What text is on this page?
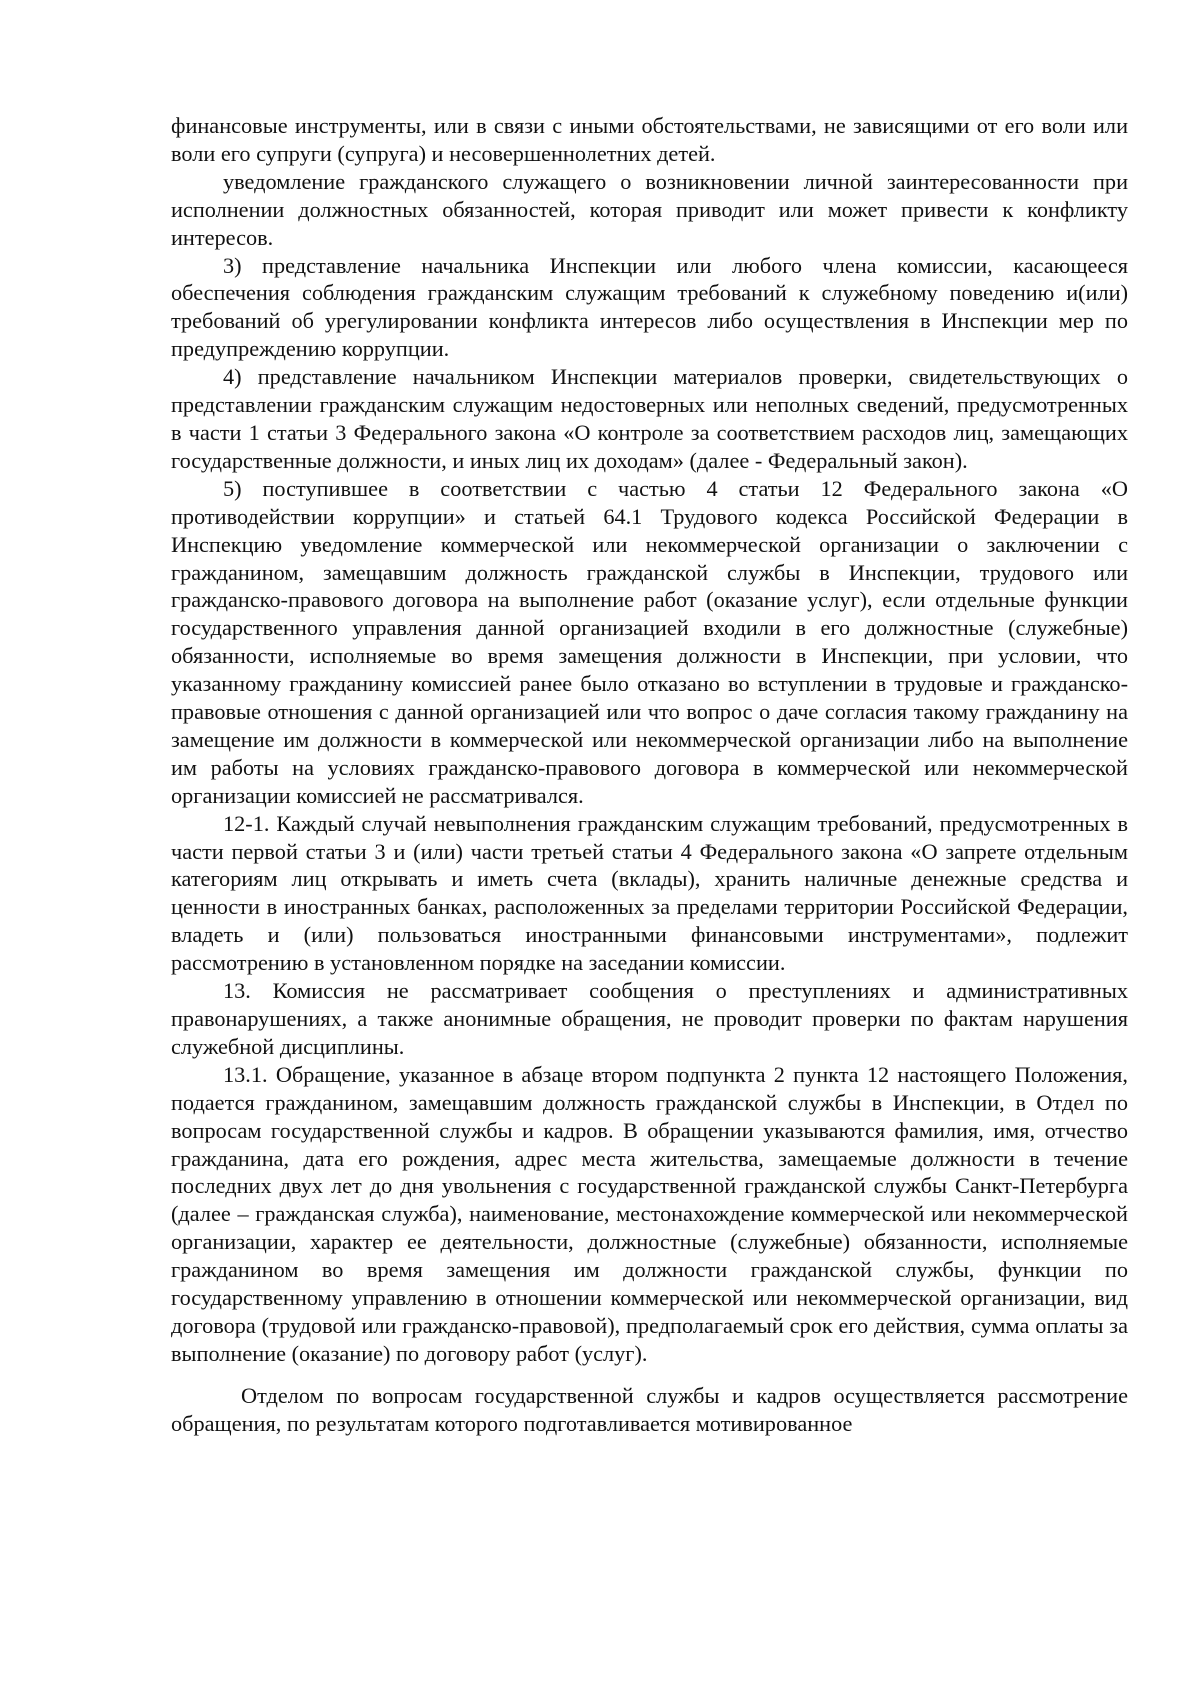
финансовые инструменты, или в связи с иными обстоятельствами, не зависящими от его воли или воли его супруги (супруга) и несовершеннолетних детей.

уведомление гражданского служащего о возникновении личной заинтересованности при исполнении должностных обязанностей, которая приводит или может привести к конфликту интересов.

3) представление начальника Инспекции или любого члена комиссии, касающееся обеспечения соблюдения гражданским служащим требований к служебному поведению и(или) требований об урегулировании конфликта интересов либо осуществления в Инспекции мер по предупреждению коррупции.

4) представление начальником Инспекции материалов проверки, свидетельствующих о представлении гражданским служащим недостоверных или неполных сведений, предусмотренных в части 1 статьи 3 Федерального закона «О контроле за соответствием расходов лиц, замещающих государственные должности, и иных лиц их доходам» (далее - Федеральный закон).

5) поступившее в соответствии с частью 4 статьи 12 Федерального закона «О противодействии коррупции» и статьей 64.1 Трудового кодекса Российской Федерации в Инспекцию уведомление коммерческой или некоммерческой организации о заключении с гражданином, замещавшим должность гражданской службы в Инспекции, трудового или гражданско-правового договора на выполнение работ (оказание услуг), если отдельные функции государственного управления данной организацией входили в его должностные (служебные) обязанности, исполняемые во время замещения должности в Инспекции, при условии, что указанному гражданину комиссией ранее было отказано во вступлении в трудовые и гражданско-правовые отношения с данной организацией или что вопрос о даче согласия такому гражданину на замещение им должности в коммерческой или некоммерческой организации либо на выполнение им работы на условиях гражданско-правового договора в коммерческой или некоммерческой организации комиссией не рассматривался.

12-1. Каждый случай невыполнения гражданским служащим требований, предусмотренных в части первой статьи 3 и (или) части третьей статьи 4 Федерального закона «О запрете отдельным категориям лиц открывать и иметь счета (вклады), хранить наличные денежные средства и ценности в иностранных банках, расположенных за пределами территории Российской Федерации, владеть и (или) пользоваться иностранными финансовыми инструментами», подлежит рассмотрению в установленном порядке на заседании комиссии.

13. Комиссия не рассматривает сообщения о преступлениях и административных правонарушениях, а также анонимные обращения, не проводит проверки по фактам нарушения служебной дисциплины.

13.1. Обращение, указанное в абзаце втором подпункта 2 пункта 12 настоящего Положения, подается гражданином, замещавшим должность гражданской службы в Инспекции, в Отдел по вопросам государственной службы и кадров. В обращении указываются фамилия, имя, отчество гражданина, дата его рождения, адрес места жительства, замещаемые должности в течение последних двух лет до дня увольнения с государственной гражданской службы Санкт-Петербурга (далее – гражданская служба), наименование, местонахождение коммерческой или некоммерческой организации, характер ее деятельности, должностные (служебные) обязанности, исполняемые гражданином во время замещения им должности гражданской службы, функции по государственному управлению в отношении коммерческой или некоммерческой организации, вид договора (трудовой или гражданско-правовой), предполагаемый срок его действия, сумма оплаты за выполнение (оказание) по договору работ (услуг).

Отделом по вопросам государственной службы и кадров осуществляется рассмотрение обращения, по результатам которого подготавливается мотивированное
